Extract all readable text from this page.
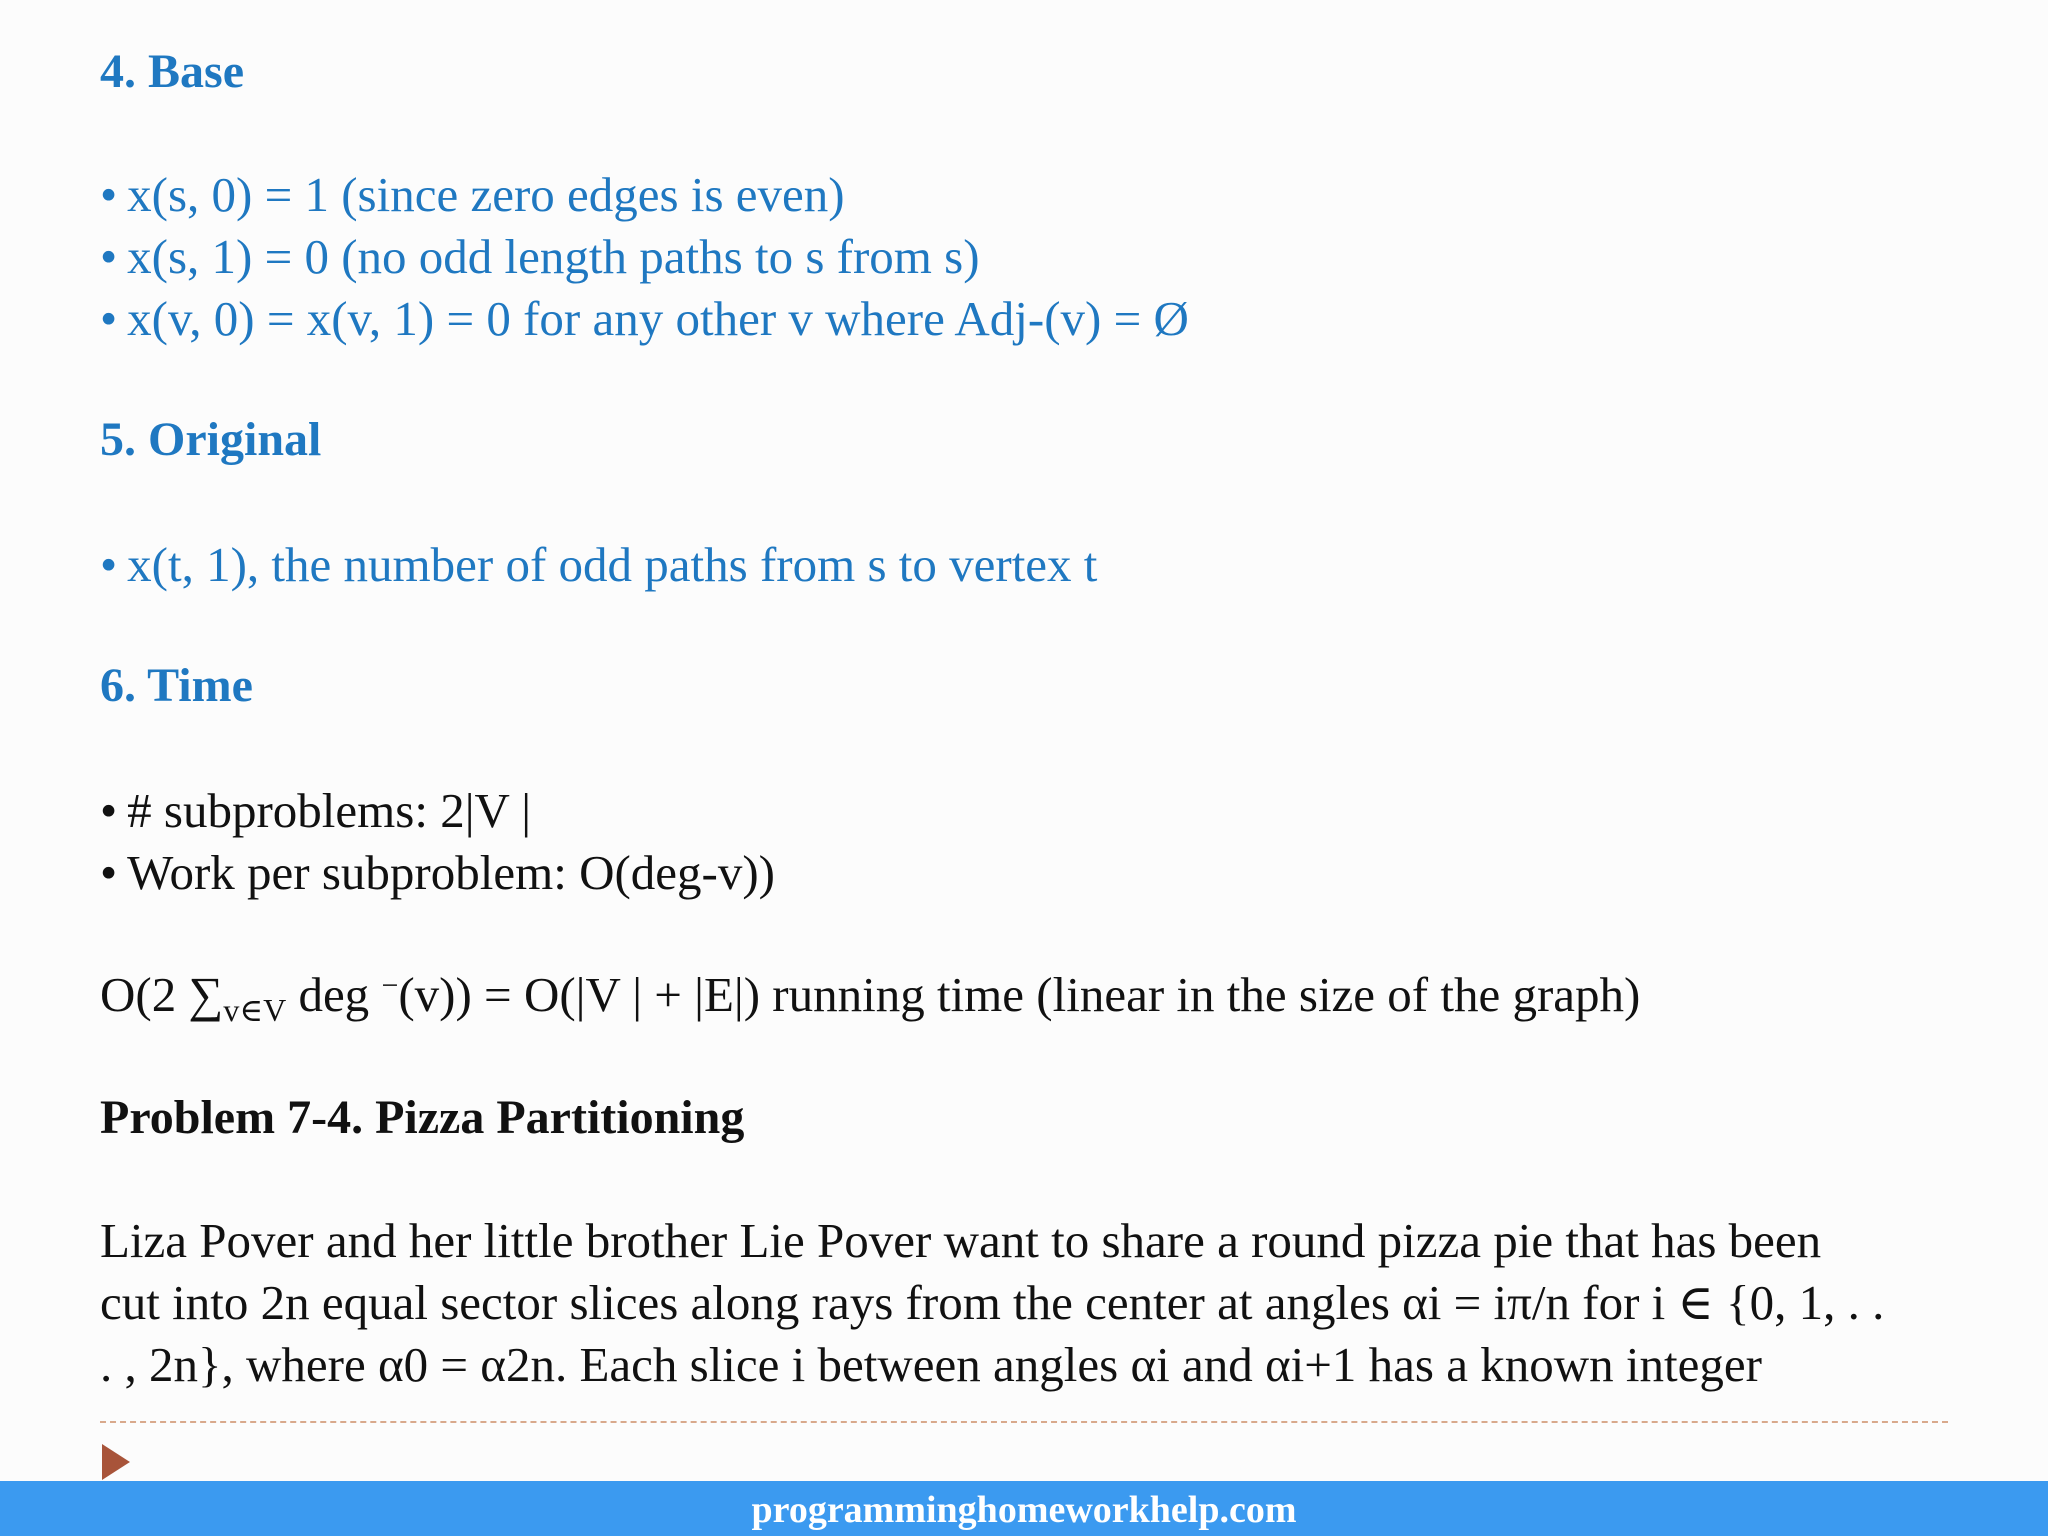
4. Base
• x(s, 0) = 1 (since zero edges is even)
• x(s, 1) = 0 (no odd length paths to s from s)
• x(v, 0) = x(v, 1) = 0 for any other v where Adj-(v) = Ø
5. Original
• x(t, 1), the number of odd paths from s to vertex t
6. Time
• # subproblems: 2|V |
• Work per subproblem: O(deg-v))
O(2 $\sum_{v\in V}$ deg −(v)) = O(|V | + |E|) running time (linear in the size of the graph)
Problem 7-4. Pizza Partitioning
Liza Pover and her little brother Lie Pover want to share a round pizza pie that has been
cut into 2n equal sector slices along rays from the center at angles αi = iπ/n for i ∈ {0, 1, . .
. , 2n}, where α0 = α2n. Each slice i between angles αi and αi+1 has a known integer
programminghomeworkhelp.com
